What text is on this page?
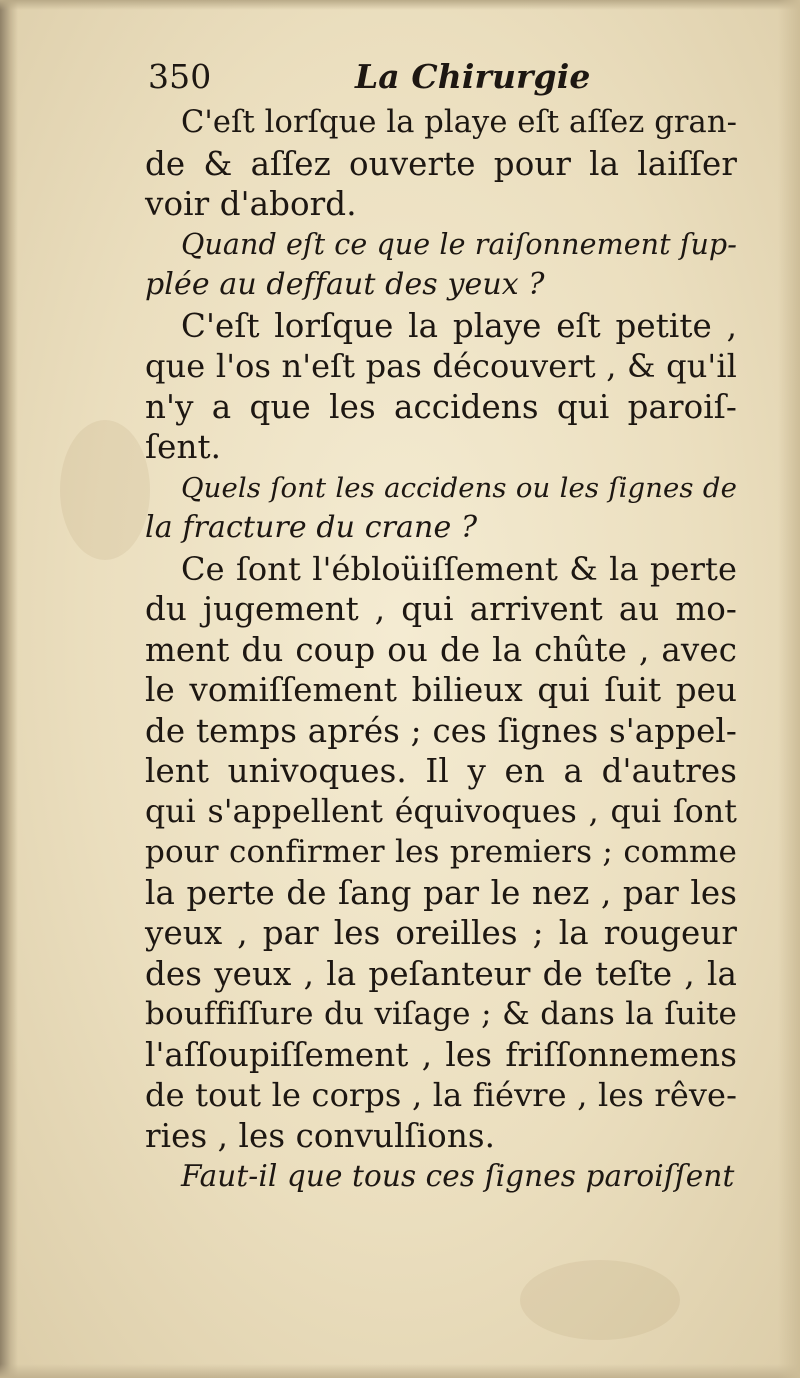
350	La Chirurgie
C'eſt lorſque la playe eſt aſſez gran-
de & aſſez ouverte pour la laiſſer
voir d'abord.
Quand eſt ce que le raiſonnement ſup-
plée au deffaut des yeux ?
C'eſt lorſque la playe eſt petite ,
que l'os n'eſt pas découvert , & qu'il
n'y a que les accidens qui paroiſ-
ſent.
Quels ſont les accidens ou les ſignes de
la fracture du crane ?
Ce ſont l'ébloüiſſement & la perte
du jugement , qui arrivent au mo-
ment du coup ou de la chûte , avec
le vomiſſement bilieux qui ſuit peu
de temps aprés ; ces ſignes s'appel-
lent univoques. Il y en a d'autres
qui s'appellent équivoques , qui ſont
pour confirmer les premiers ; comme
la perte de ſang par le nez , par les
yeux , par les oreilles ; la rougeur
des yeux , la peſanteur de teſte , la
bouffiſſure du viſage ; & dans la ſuite
l'aſſoupiſſement , les friſſonnemens
de tout le corps , la fiévre , les rêve-
ries , les convulſions.
Faut-il que tous ces ſignes paroiſſent
